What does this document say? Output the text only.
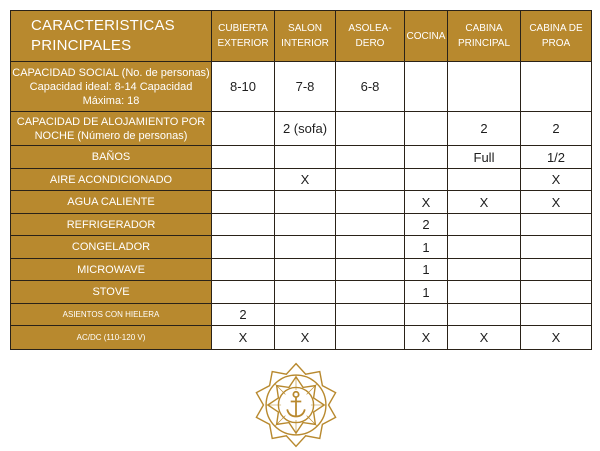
CARACTERISTICAS PRINCIPALES	CUBIERTA EXTERIOR	SALON INTERIOR	ASOLEA-DERO	COCINA	CABINA PRINCIPAL	CABINA DE PROA
CAPACIDAD SOCIAL (No. de personas) Capacidad ideal: 8-14 Capacidad Máxima: 18	8-10	7-8	6-8			
CAPACIDAD DE ALOJAMIENTO POR NOCHE (Número de personas)		2 (sofa)			2	2
BAÑOS					Full	1/2
AIRE ACONDICIONADO		X				X
AGUA CALIENTE				X	X	X
REFRIGERADOR				2		
CONGELADOR				1		
MICROWAVE				1		
STOVE				1		
ASIENTOS CON HIELERA	2					
AC/DC (110-120 V)	X	X		X	X	X
